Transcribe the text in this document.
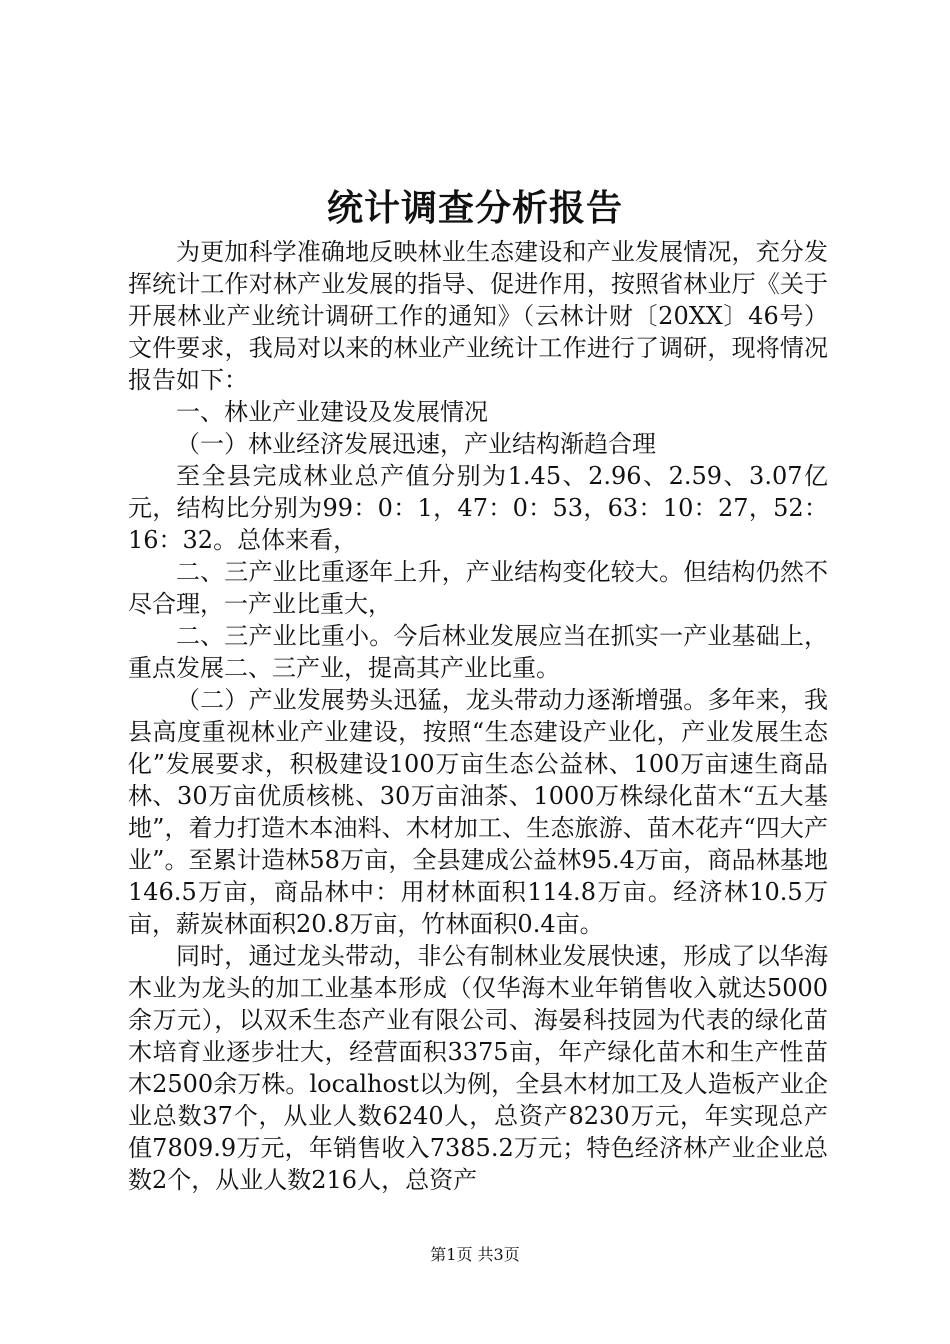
统计调查分析报告

为更加科学准确地反映林业生态建设和产业发展情况，充分发挥统计工作对林产业发展的指导、促进作用，按照省林业厅《关于开展林业产业统计调研工作的通知》（云林计财〔20XX〕46号）文件要求，我局对以来的林业产业统计工作进行了调研，现将情况报告如下：

一、林业产业建设及发展情况

（一）林业经济发展迅速，产业结构渐趋合理

至全县完成林业总产值分别为1.45、2.96、2.59、3.07亿元，结构比分别为99：0：1，47：0：53，63：10：27，52：16：32。总体来看，

二、三产业比重逐年上升，产业结构变化较大。但结构仍然不尽合理，一产业比重大，

二、三产业比重小。今后林业发展应当在抓实一产业基础上，重点发展二、三产业，提高其产业比重。

（二）产业发展势头迅猛，龙头带动力逐渐增强。多年来，我县高度重视林业产业建设，按照“生态建设产业化，产业发展生态化”发展要求，积极建设100万亩生态公益林、100万亩速生商品林、30万亩优质核桃、30万亩油茶、1000万株绿化苗木“五大基地”，着力打造木本油料、木材加工、生态旅游、苗木花卉“四大产业”。至累计造林58万亩，全县建成公益林95.4万亩，商品林基地146.5万亩，商品林中：用材林面积114.8万亩。经济林10.5万亩，薪炭林面积20.8万亩，竹林面积0.4亩。

同时，通过龙头带动，非公有制林业发展快速，形成了以华海木业为龙头的加工业基本形成（仅华海木业年销售收入就达5000余万元），以双禾生态产业有限公司、海晏科技园为代表的绿化苗木培育业逐步壮大，经营面积3375亩，年产绿化苗木和生产性苗木2500余万株。localhost以为例，全县木材加工及人造板产业企业总数37个，从业人数6240人，总资产8230万元，年实现总产值7809.9万元，年销售收入7385.2万元；特色经济林产业企业总数2个，从业人数216人，总资产

第1页 共3页
